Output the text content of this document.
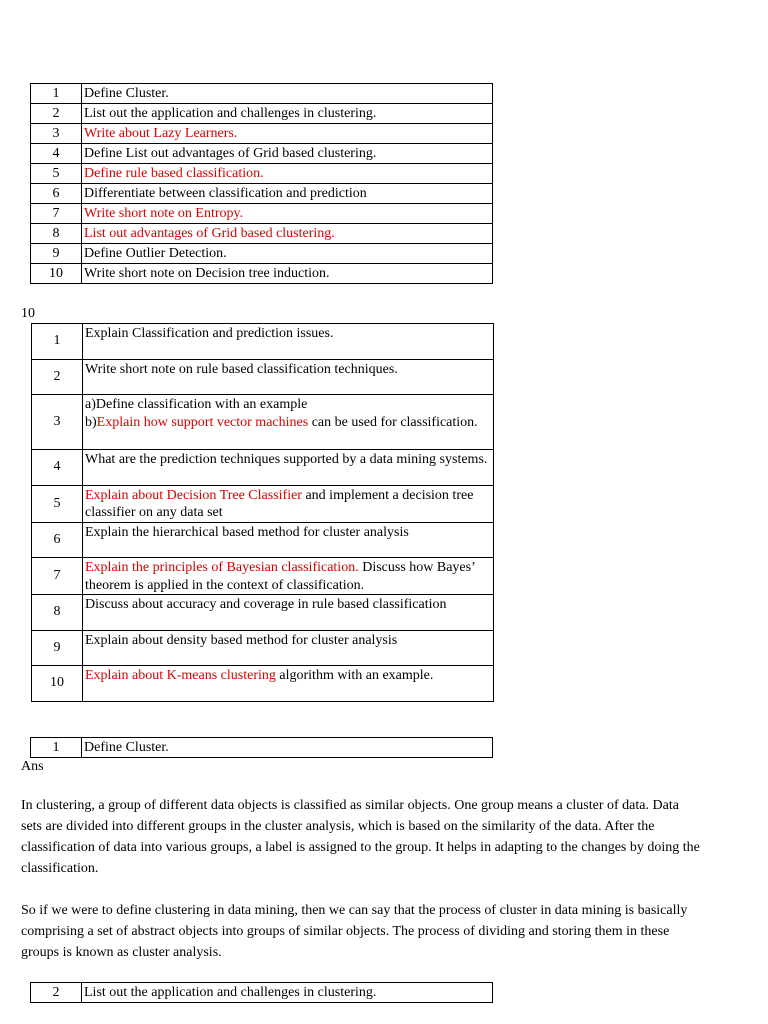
1	Define Cluster.
2	List out the application and challenges in clustering.
3	Write about Lazy Learners.
4	Define List out advantages of Grid based clustering.
5	Define rule based classification.
6	Differentiate between classification and prediction
7	Write short note on Entropy.
8	List out advantages of Grid based clustering.
9	Define Outlier Detection.
10	Write short note on Decision tree induction.
10
1	Explain Classification and prediction issues.
2	Write short note on rule based classification techniques.
3	a)Define classification with an example
b)Explain how support vector machines can be used for classification.
4	What are the prediction techniques supported by a data mining systems.
5	Explain about Decision Tree Classifier and implement a decision tree classifier on any data set
6	Explain the hierarchical based method for cluster analysis
7	Explain the principles of Bayesian classification. Discuss how Bayes’ theorem is applied in the context of classification.
8	Discuss about accuracy and coverage in rule based classification
9	Explain about density based method for cluster analysis
10	Explain about K-means clustering algorithm with an example.
1	Define Cluster.
Ans

In clustering, a group of different data objects is classified as similar objects. One group means a cluster of data. Data sets are divided into different groups in the cluster analysis, which is based on the similarity of the data. After the classification of data into various groups, a label is assigned to the group. It helps in adapting to the changes by doing the classification.

So if we were to define clustering in data mining, then we can say that the process of cluster in data mining is basically comprising a set of abstract objects into groups of similar objects. The process of dividing and storing them in these groups is known as cluster analysis.

2	List out the application and challenges in clustering.
